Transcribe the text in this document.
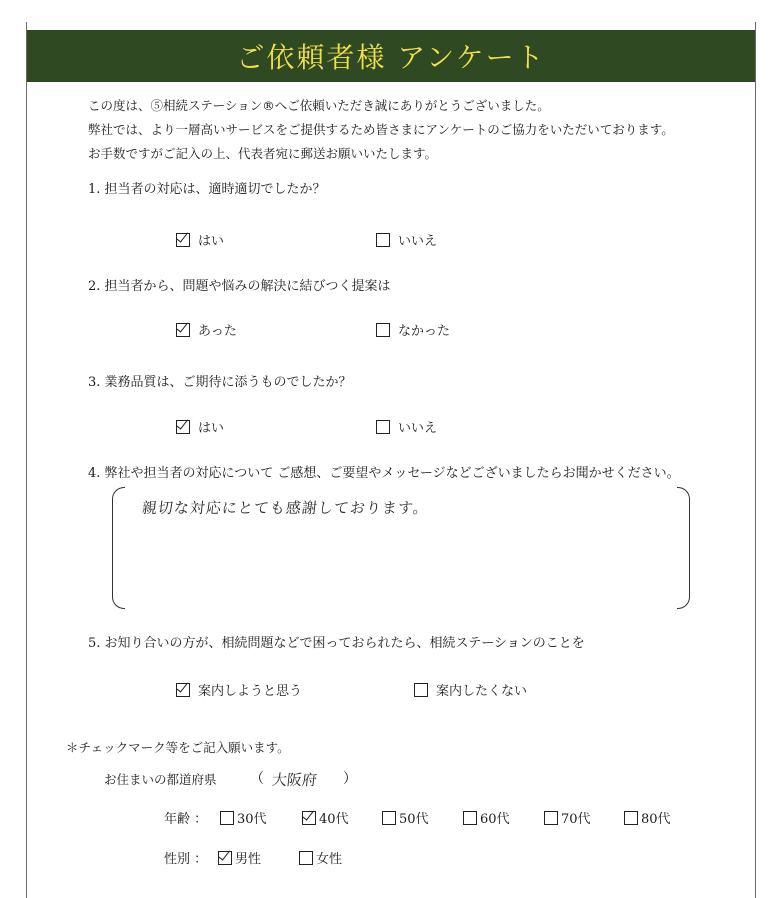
ご依頼者様 アンケート
この度は、⑤相続ステーション®へご依頼いただき誠にありがとうございました。
弊社では、より一層高いサービスをご提供するため皆さまにアンケートのご協力をいただいております。
お手数ですがご記入の上、代表者宛に郵送お願いいたします。
1. 担当者の対応は、適時適切でしたか？
はい	いいえ
2. 担当者から、問題や悩みの解決に結びつく提案は
あった	なかった
3. 業務品質は、ご期待に添うものでしたか？
はい	いいえ
4. 弊社や担当者の対応について ご感想、ご要望やメッセージなどございましたらお聞かせください。
親切な対応にとても感謝しております。
5. お知り合いの方が、相続問題などで困っておられたら、相続ステーションのことを
案内しようと思う	案内したくない
＊チェックマーク等をご記入願います。
お住まいの都道府県 （ 大阪府 ）
年齢 ： 30代	40代	50代	60代	70代	80代
性別 ： 男性	女性
